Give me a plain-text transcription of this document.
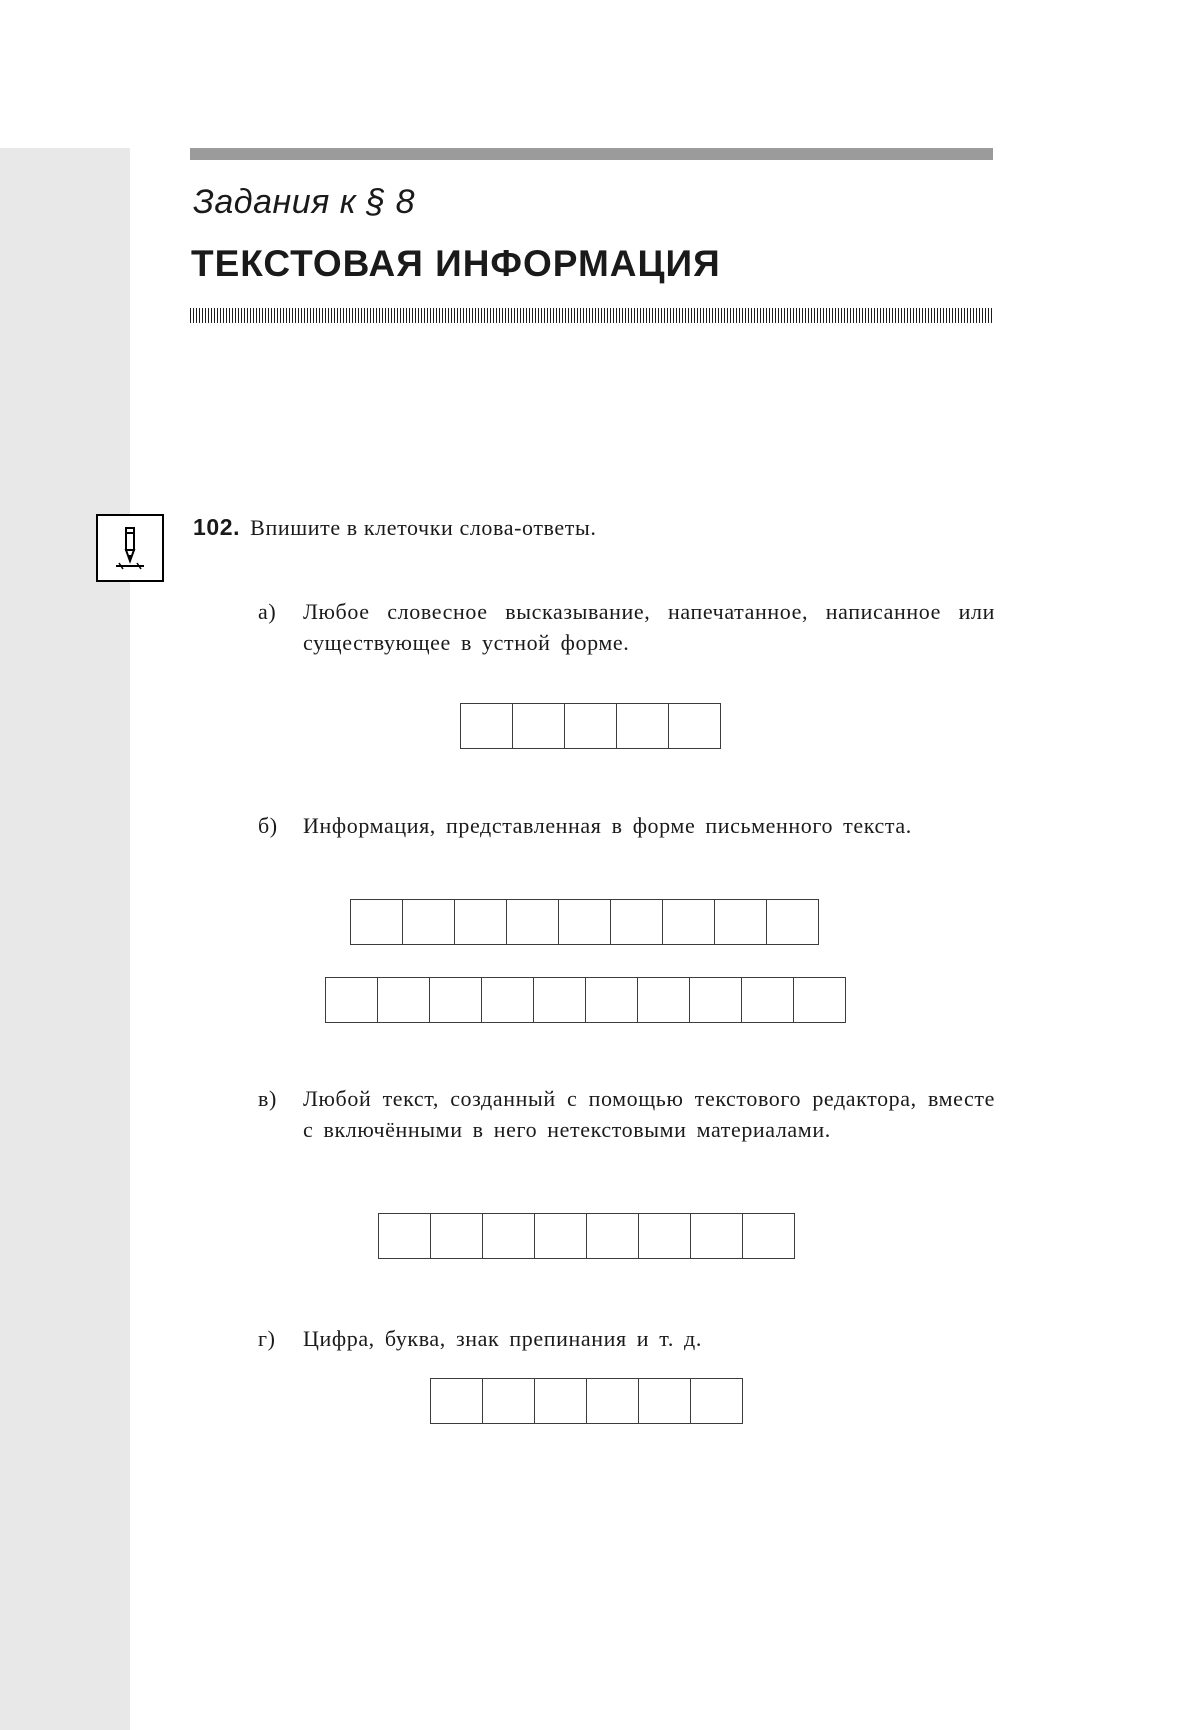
Задания к § 8
ТЕКСТОВАЯ ИНФОРМАЦИЯ
102. Впишите в клеточки слова-ответы.
а) Любое словесное высказывание, напечатанное, написанное или существующее в устной форме.
б) Информация, представленная в форме письменного текста.
в) Любой текст, созданный с помощью текстового редактора, вместе с включёнными в него нетекстовыми материалами.
г) Цифра, буква, знак препинания и т. д.
